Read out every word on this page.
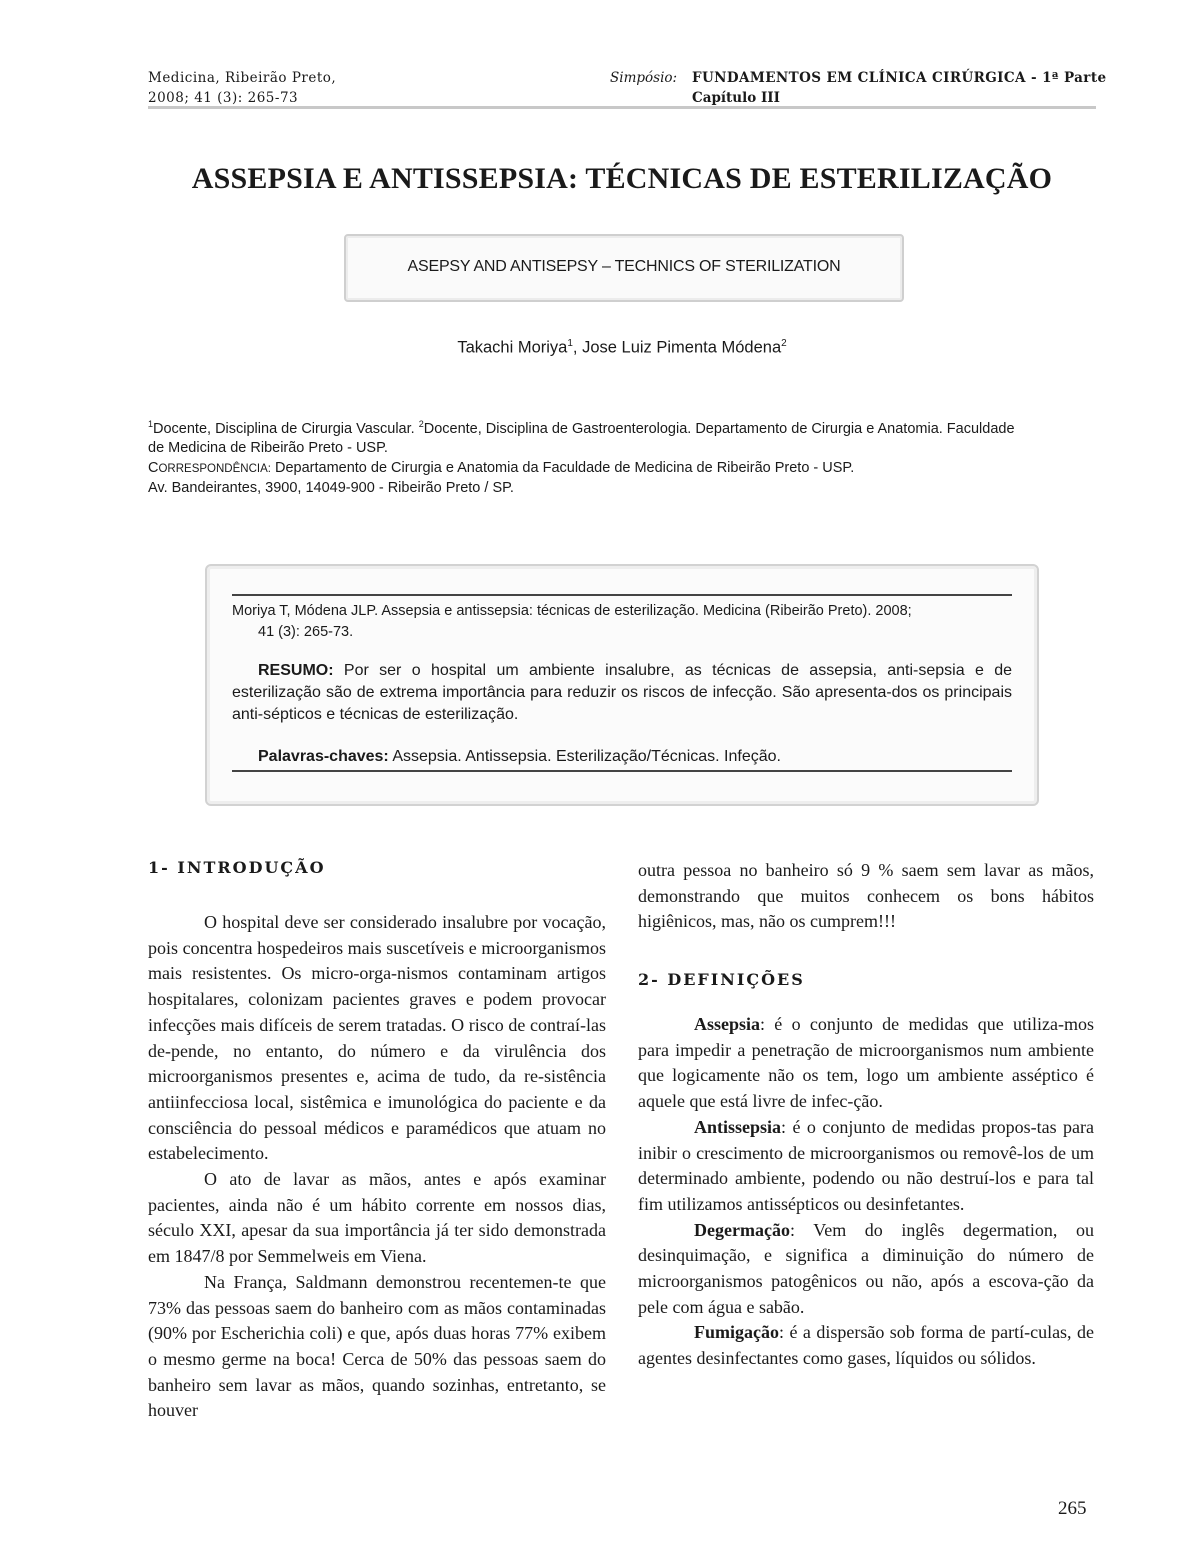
Medicina, Ribeirão Preto,
2008; 41 (3): 265-73
Simpósio: FUNDAMENTOS EM CLÍNICA CIRÚRGICA - 1ª Parte
Capítulo III
ASSEPSIA E ANTISSEPSIA: TÉCNICAS DE ESTERILIZAÇÃO
ASEPSY AND ANTISEPSY – TECHNICS OF STERILIZATION
Takachi Moriya$^1$, Jose Luiz Pimenta Módena$^2$
$^1$Docente, Disciplina de Cirurgia Vascular. $^2$Docente, Disciplina de Gastroenterologia. Departamento de Cirurgia e Anatomia. Faculdade
de Medicina de Ribeirão Preto - USP.
CORRESPONDÊNCIA: Departamento de Cirurgia e Anatomia da Faculdade de Medicina de Ribeirão Preto - USP.
Av. Bandeirantes, 3900, 14049-900 - Ribeirão Preto / SP.
Moriya T, Módena JLP. Assepsia e antissepsia: técnicas de esterilização. Medicina (Ribeirão Preto). 2008;
41 (3): 265-73.
RESUMO: Por ser o hospital um ambiente insalubre, as técnicas de assepsia, anti-sepsia e de esterilização são de extrema importância para reduzir os riscos de infecção. São apresenta-dos os principais anti-sépticos e técnicas de esterilização.
Palavras-chaves: Assepsia. Antissepsia. Esterilização/Técnicas. Infeção.
1- INTRODUÇÃO

O hospital deve ser considerado insalubre por vocação, pois concentra hospedeiros mais suscetíveis e microorganismos mais resistentes. Os micro-orga-nismos contaminam artigos hospitalares, colonizam pacientes graves e podem provocar infecções mais difíceis de serem tratadas. O risco de contraí-las de-pende, no entanto, do número e da virulência dos microorganismos presentes e, acima de tudo, da re-sistência antiinfecciosa local, sistêmica e imunológica do paciente e da consciência do pessoal médicos e paramédicos que atuam no estabelecimento.

O ato de lavar as mãos, antes e após examinar pacientes, ainda não é um hábito corrente em nossos dias, século XXI, apesar da sua importância já ter sido demonstrada em 1847/8 por Semmelweis em Viena.

Na França, Saldmann demonstrou recentemen-te que 73% das pessoas saem do banheiro com as mãos contaminadas (90% por Escherichia coli) e que, após duas horas 77% exibem o mesmo germe na boca! Cerca de 50% das pessoas saem do banheiro sem lavar as mãos, quando sozinhas, entretanto, se houver

outra pessoa no banheiro só 9 % saem sem lavar as mãos, demonstrando que muitos conhecem os bons hábitos higiênicos, mas, não os cumprem!!!

2- DEFINIÇÕES

Assepsia: é o conjunto de medidas que utiliza-mos para impedir a penetração de microorganismos num ambiente que logicamente não os tem, logo um ambiente asséptico é aquele que está livre de infec-ção.

Antissepsia: é o conjunto de medidas propos-tas para inibir o crescimento de microorganismos ou removê-los de um determinado ambiente, podendo ou não destruí-los e para tal fim utilizamos antissépticos ou desinfetantes.

Degermação: Vem do inglês degermation, ou desinquimação, e significa a diminuição do número de microorganismos patogênicos ou não, após a escova-ção da pele com água e sabão.

Fumigação: é a dispersão sob forma de partí-culas, de agentes desinfectantes como gases, líquidos ou sólidos.

265
